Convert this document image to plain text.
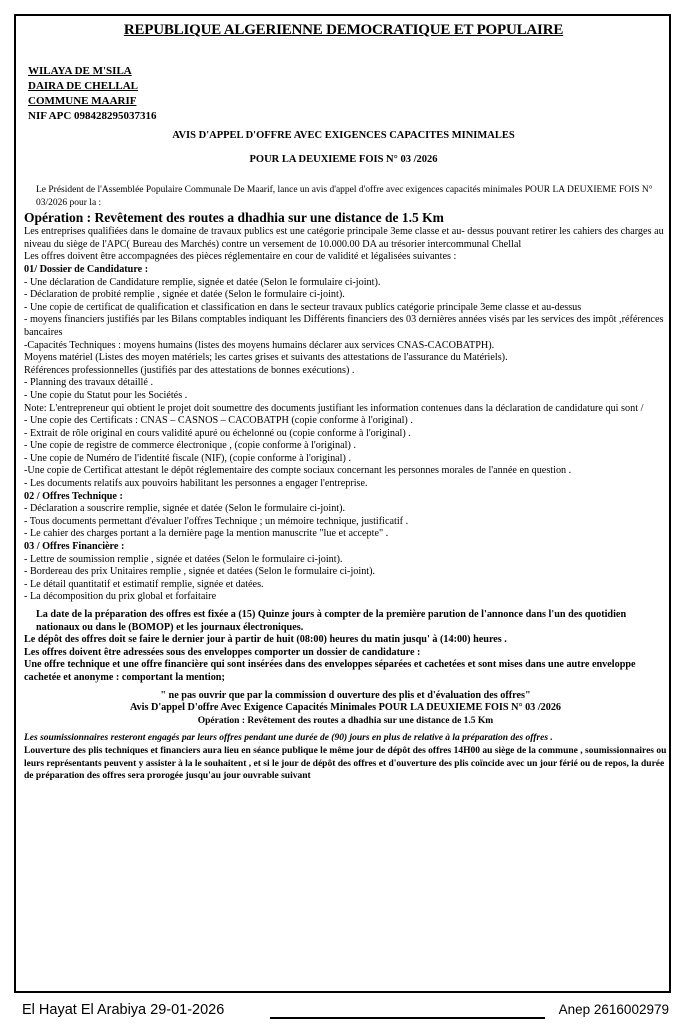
REPUBLIQUE ALGERIENNE DEMOCRATIQUE ET POPULAIRE
WILAYA DE M'SILA
DAIRA DE CHELLAL
COMMUNE MAARIF
NIF APC 098428295037316
AVIS D'APPEL D'OFFRE AVEC EXIGENCES CAPACITES MINIMALES
POUR LA DEUXIEME FOIS N° 03 /2026

Le Président de l'Assemblée Populaire Communale De Maarif, lance un avis d'appel d'offre avec exigences capacités minimales POUR LA DEUXIEME FOIS N° 03/2026 pour la :

Opération : Revêtement des routes a dhadhia sur une distance de 1.5 Km

Les entreprises qualifiées dans le domaine de travaux publics est une catégorie principale 3eme classe et au- dessus pouvant retirer les cahiers des charges au niveau du siège de l'APC( Bureau des Marchés) contre un versement de 10.000.00 DA au trésorier intercommunal Chellal

Les offres doivent être accompagnées des pièces réglementaire en cour de validité et légalisées suivantes :

01/ Dossier de Candidature :

- Une déclaration de Candidature remplie, signée et datée (Selon le formulaire ci-joint).

- Déclaration de probité remplie , signée et datée (Selon le formulaire ci-joint).

- Une copie de certificat de qualification et classification en dans le secteur travaux publics catégorie principale 3eme classe et au-dessus

- moyens financiers justifiés par les Bilans comptables indiquant les Différents financiers des 03 dernières années visés par les services des impôt ,références bancaires

-Capacités Techniques : moyens humains (listes des moyens humains déclarer aux services CNAS-CACOBATPH).

Moyens matériel (Listes des moyen matériels; les cartes grises et suivants des attestations de l'assurance du Matériels).

Références professionnelles (justifiés par des attestations de bonnes exécutions) .

- Planning des travaux détaillé .

- Une copie du Statut pour les Sociétés .

Note: L'entrepreneur qui obtient le projet doit soumettre des documents justifiant les information contenues dans la déclaration de candidature qui sont /

- Une copie des Certificats : CNAS – CASNOS – CACOBATPH (copie conforme à l'original) .

- Extrait de rôle original en cours validité apuré ou échelonné ou (copie conforme à l'original) .

- Une copie de registre de commerce électronique , (copie conforme à l'original) .

- Une copie de Numéro de l'identité fiscale (NIF), (copie conforme à l'original) .

-Une copie de Certificat attestant le dépôt réglementaire des compte sociaux concernant les personnes morales de l'année en question .

- Les documents relatifs aux pouvoirs habilitant les personnes a engager l'entreprise.

02 / Offres Technique :

- Déclaration a souscrire remplie, signée et datée (Selon le formulaire ci-joint).

- Tous documents permettant d'évaluer l'offres Technique ; un mémoire technique, justificatif .

- Le cahier des charges portant a la dernière page la mention manuscrite "lue et accepte" .

03 / Offres Financière :

- Lettre de soumission remplie , signée et datées (Selon le formulaire ci-joint).

- Bordereau des prix Unitaires remplie , signée et datées (Selon le formulaire ci-joint).

- Le détail quantitatif et estimatif remplie, signée et datées.

- La décomposition du prix global et forfaitaire

La date de la préparation des offres est fixée a (15) Quinze jours à compter de la première parution de l'annonce dans l'un des quotidien nationaux ou dans le (BOMOP) et les journaux électroniques.

Le dépôt des offres doit se faire le dernier jour à partir de huit (08:00) heures du matin jusqu' à (14:00) heures .

Les offres doivent être adressées sous des enveloppes comporter un dossier de candidature :

Une offre technique et une offre financière qui sont insérées dans des enveloppes séparées et cachetées et sont mises dans une autre enveloppe cachetée et anonyme : comportant la mention;

" ne pas ouvrir que par la commission d ouverture des plis et d'évaluation des offres"

Avis D'appel D'offre Avec Exigence Capacités Minimales POUR LA DEUXIEME FOIS N° 03 /2026

Opération : Revêtement des routes a dhadhia sur une distance de 1.5 Km

Les soumissionnaires resteront engagés par leurs offres pendant une durée de (90) jours en plus de relative à la préparation des offres .

Louverture des plis techniques et financiers aura lieu en séance publique le même jour de dépôt des offres 14H00 au siège de la commune , soumissionnaires ou leurs représentants peuvent y assister à la le souhaitent , et si le jour de dépôt des offres et d'ouverture des plis coïncide avec un jour férié ou de repos, la durée de préparation des offres sera prorogée jusqu'au jour ouvrable suivant

El Hayat El Arabiya 29-01-2026	Anep 2616002979
